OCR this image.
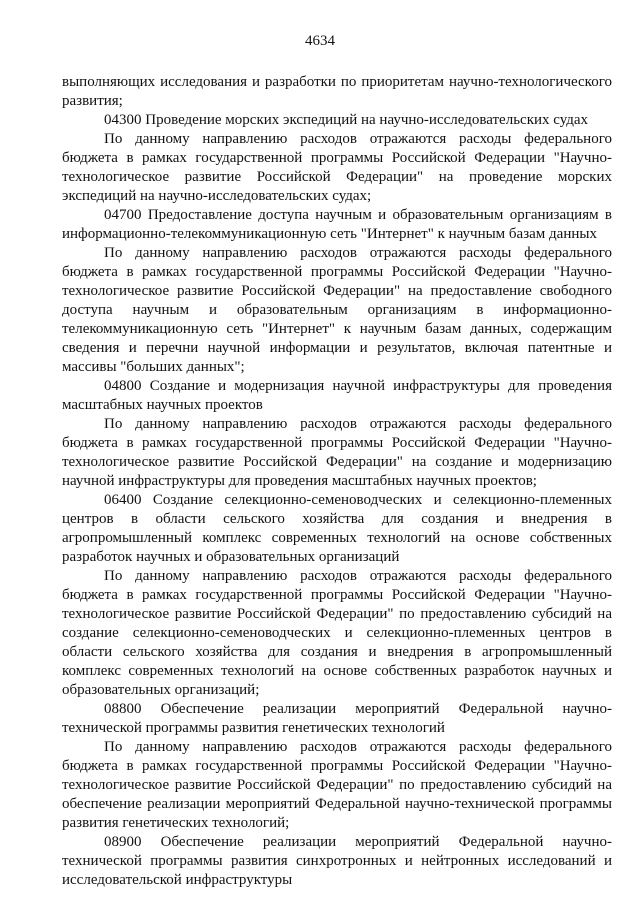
4634

выполняющих исследования и разработки по приоритетам научно-технологического развития;

04300 Проведение морских экспедиций на научно-исследовательских судах

По данному направлению расходов отражаются расходы федерального бюджета в рамках государственной программы Российской Федерации "Научно-технологическое развитие Российской Федерации" на проведение морских экспедиций на научно-исследовательских судах;

04700 Предоставление доступа научным и образовательным организациям в информационно-телекоммуникационную сеть "Интернет" к научным базам данных

По данному направлению расходов отражаются расходы федерального бюджета в рамках государственной программы Российской Федерации "Научно-технологическое развитие Российской Федерации" на предоставление свободного доступа научным и образовательным организациям в информационно-телекоммуникационную сеть "Интернет" к научным базам данных, содержащим сведения и перечни научной информации и результатов, включая патентные и массивы "больших данных";

04800 Создание и модернизация научной инфраструктуры для проведения масштабных научных проектов

По данному направлению расходов отражаются расходы федерального бюджета в рамках государственной программы Российской Федерации "Научно-технологическое развитие Российской Федерации" на создание и модернизацию научной инфраструктуры для проведения масштабных научных проектов;

06400 Создание селекционно-семеноводческих и селекционно-племенных центров в области сельского хозяйства для создания и внедрения в агропромышленный комплекс современных технологий на основе собственных разработок научных и образовательных организаций

По данному направлению расходов отражаются расходы федерального бюджета в рамках государственной программы Российской Федерации "Научно-технологическое развитие Российской Федерации" по предоставлению субсидий на создание селекционно-семеноводческих и селекционно-племенных центров в области сельского хозяйства для создания и внедрения в агропромышленный комплекс современных технологий на основе собственных разработок научных и образовательных организаций;

08800 Обеспечение реализации мероприятий Федеральной научно-технической программы развития генетических технологий

По данному направлению расходов отражаются расходы федерального бюджета в рамках государственной программы Российской Федерации "Научно-технологическое развитие Российской Федерации" по предоставлению субсидий на обеспечение реализации мероприятий Федеральной научно-технической программы развития генетических технологий;

08900 Обеспечение реализации мероприятий Федеральной научно-технической программы развития синхротронных и нейтронных исследований и исследовательской инфраструктуры
